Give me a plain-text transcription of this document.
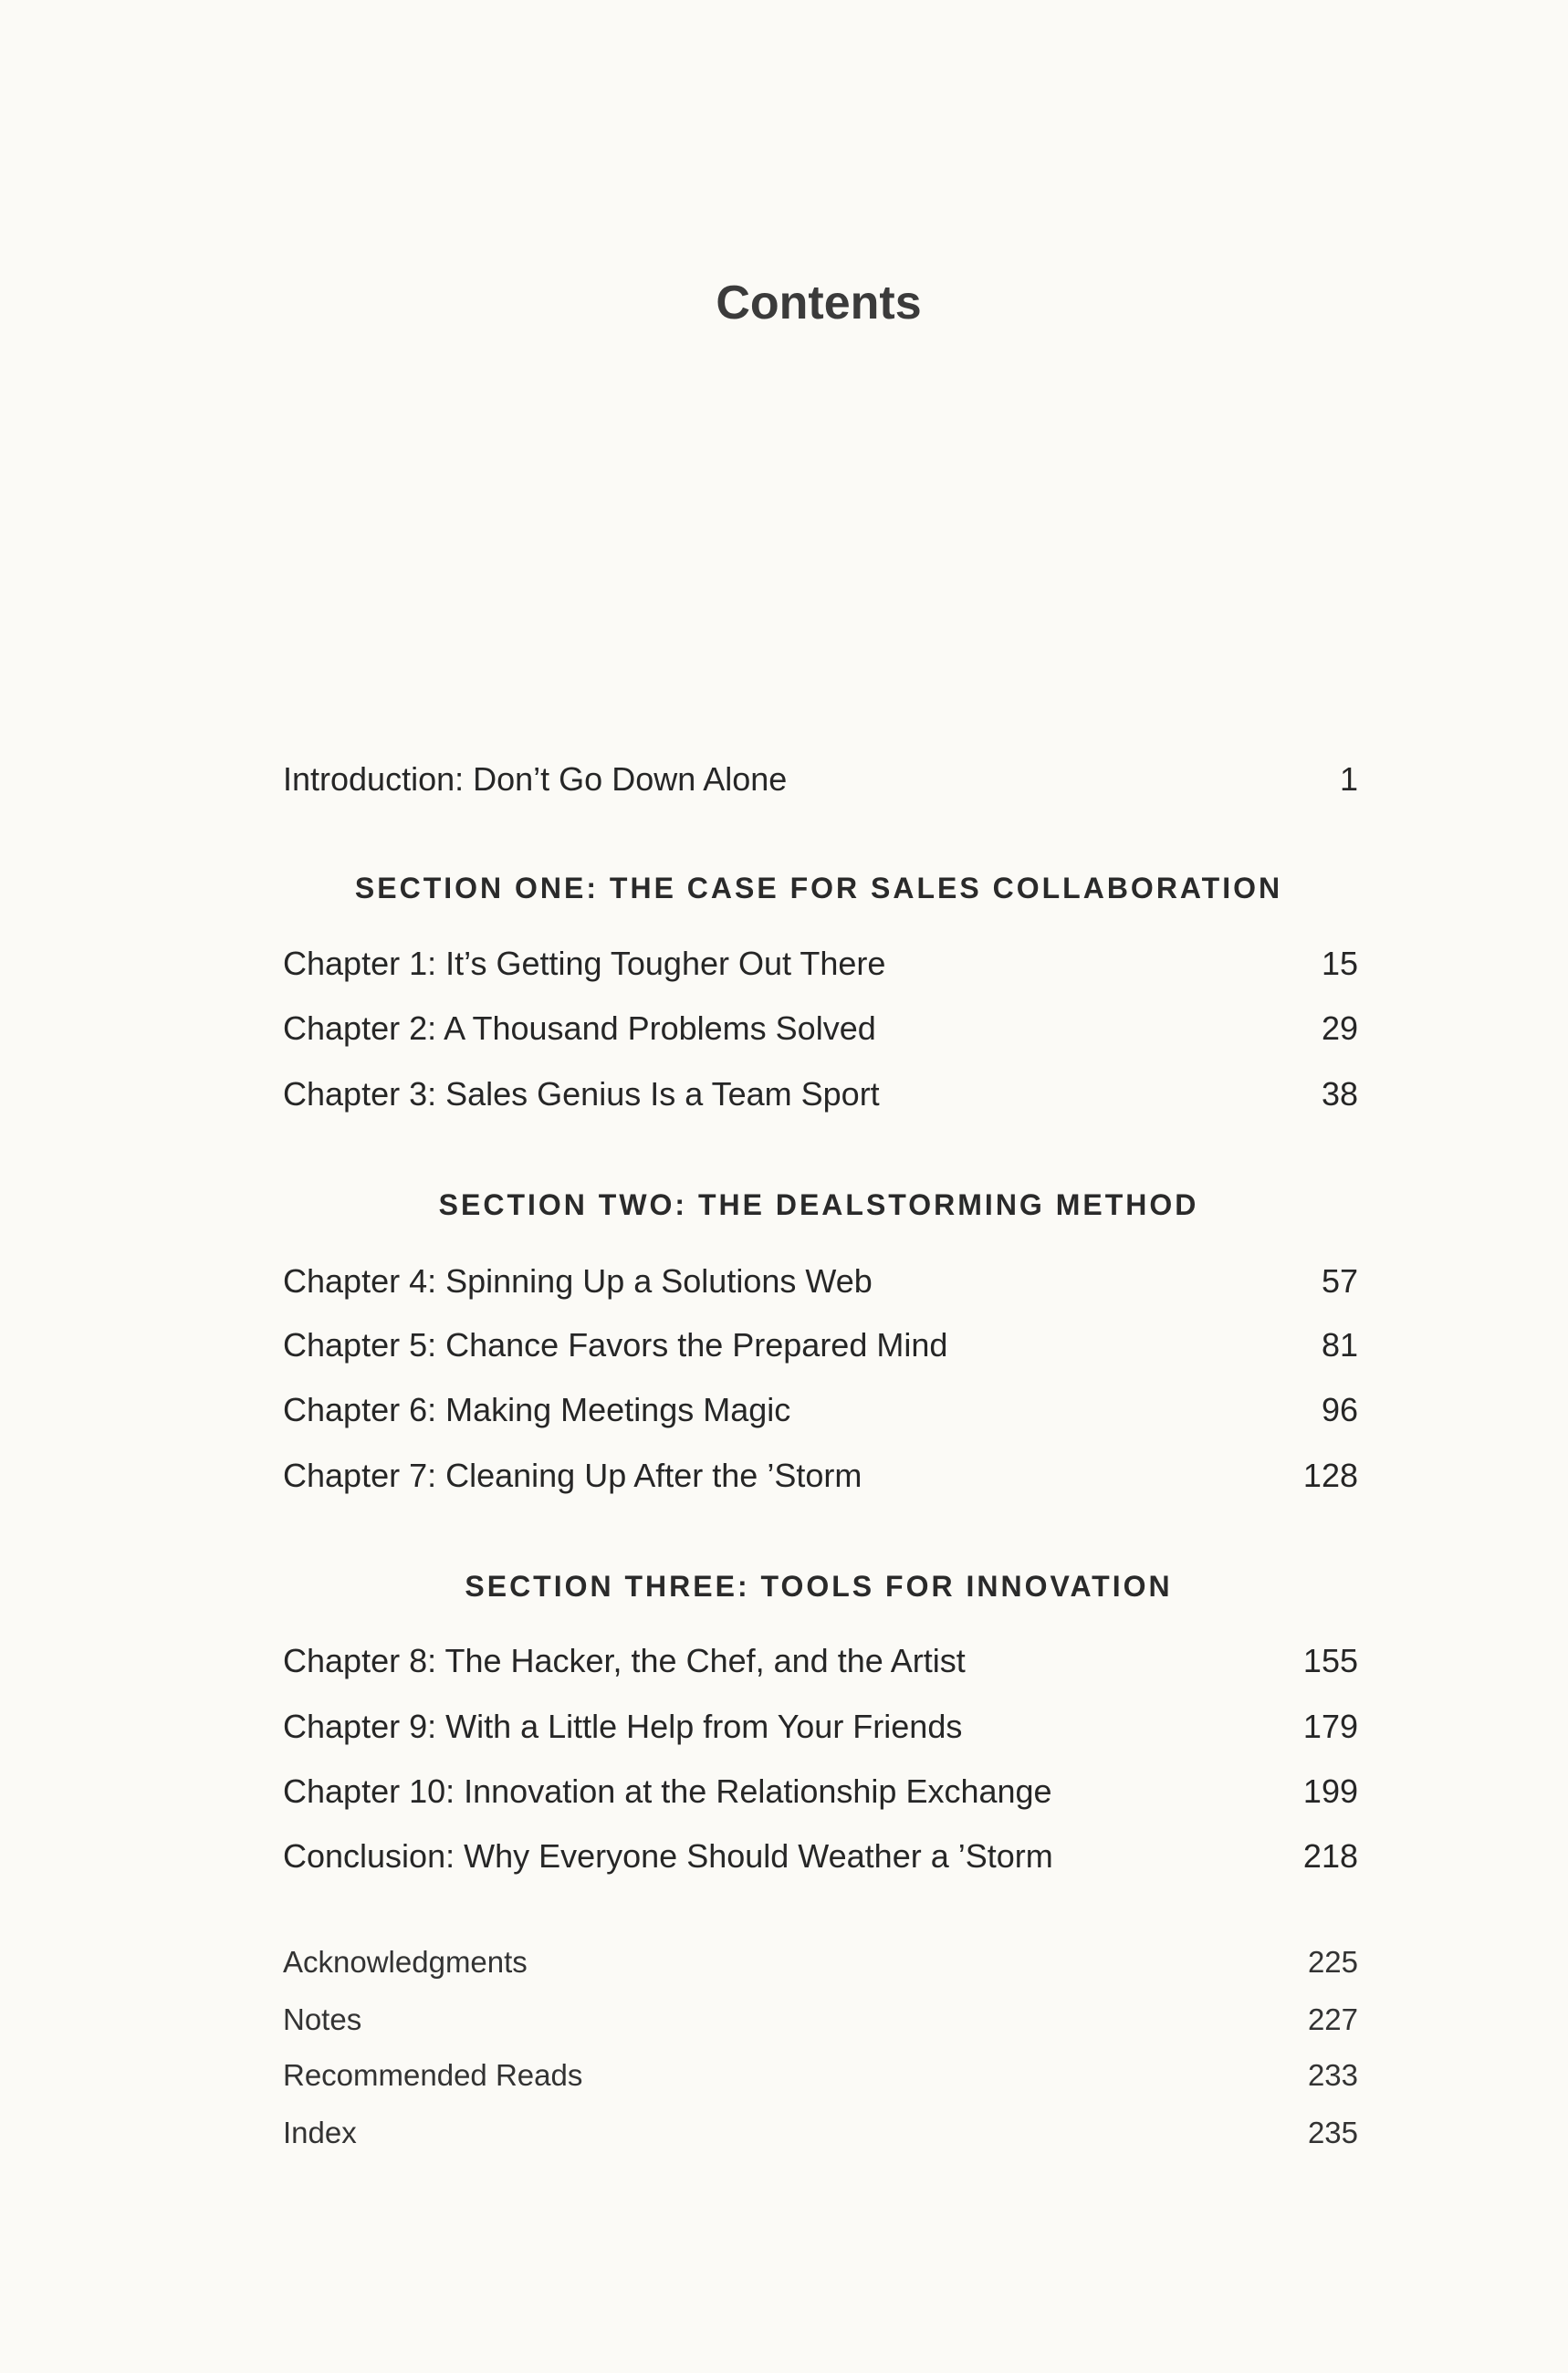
Contents
Introduction: Don’t Go Down Alone	1
SECTION ONE: THE CASE FOR SALES COLLABORATION
Chapter 1: It’s Getting Tougher Out There	15
Chapter 2: A Thousand Problems Solved	29
Chapter 3: Sales Genius Is a Team Sport	38
SECTION TWO: THE DEALSTORMING METHOD
Chapter 4: Spinning Up a Solutions Web	57
Chapter 5: Chance Favors the Prepared Mind	81
Chapter 6: Making Meetings Magic	96
Chapter 7: Cleaning Up After the ’Storm	128
SECTION THREE: TOOLS FOR INNOVATION
Chapter 8: The Hacker, the Chef, and the Artist	155
Chapter 9: With a Little Help from Your Friends	179
Chapter 10: Innovation at the Relationship Exchange	199
Conclusion: Why Everyone Should Weather a ’Storm	218
Acknowledgments	225
Notes	227
Recommended Reads	233
Index	235
